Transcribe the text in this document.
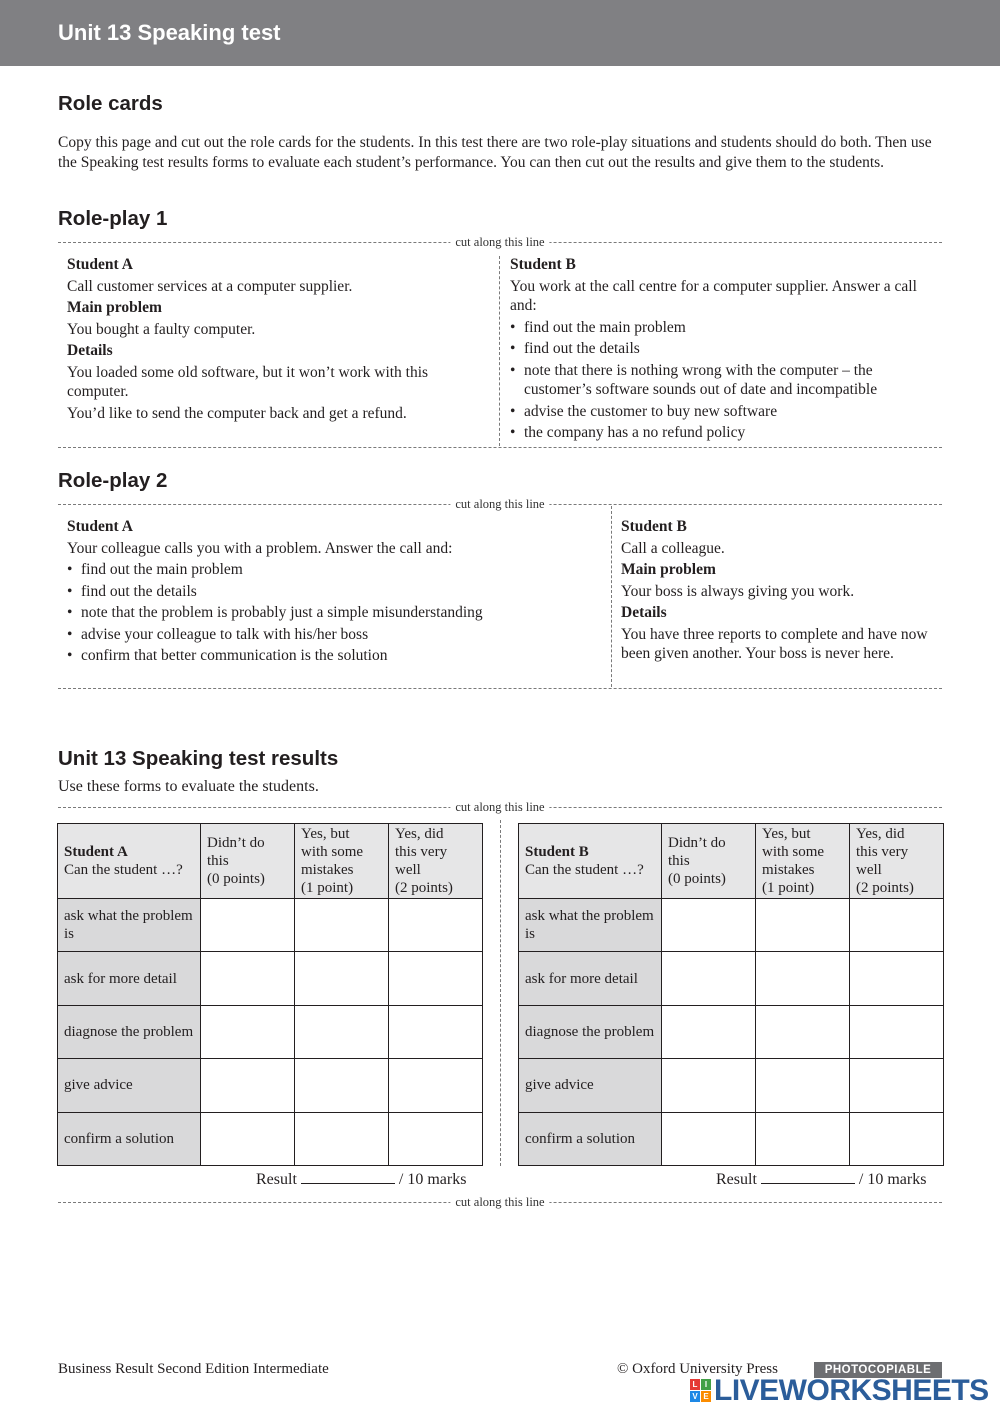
Unit 13 Speaking test
Role cards
Copy this page and cut out the role cards for the students. In this test there are two role-play situations and students should do both. Then use the Speaking test results forms to evaluate each student’s performance. You can then cut out the results and give them to the students.
Role-play 1
cut along this line

Student A

Call customer services at a computer supplier.

Main problem

You bought a faulty computer.

Details

You loaded some old software, but it won’t work with this computer.

You’d like to send the computer back and get a refund.

Student B

You work at the call centre for a computer supplier. Answer a call and:

• find out the main problem
• find out the details
• note that there is nothing wrong with the computer – the customer’s software sounds out of date and incompatible
• advise the customer to buy new software
• the company has a no refund policy
Role-play 2
cut along this line

Student A

Your colleague calls you with a problem. Answer the call and:

• find out the main problem
• find out the details
• note that the problem is probably just a simple misunderstanding
• advise your colleague to talk with his/her boss
• confirm that better communication is the solution

Student B

Call a colleague.

Main problem

Your boss is always giving you work.

Details

You have three reports to complete and have now been given another. Your boss is never here.

Unit 13 Speaking test results
Use these forms to evaluate the students.
cut along this line
Student A
Can the student …?	Didn’t do
this
(0 points)	Yes, but
with some
mistakes
(1 point)	Yes, did
this very
well
(2 points)
ask what the problem is			
ask for more detail			
diagnose the problem			
give advice			
confirm a solution			
Student B
Can the student …?	Didn’t do
this
(0 points)	Yes, but
with some
mistakes
(1 point)	Yes, did
this very
well
(2 points)
ask what the problem is			
ask for more detail			
diagnose the problem			
give advice			
confirm a solution			
Result	/ 10 marks	Result	/ 10 marks
cut along this line
Business Result Second Edition Intermediate	© Oxford University Press	PHOTOCOPIABLE
L I
V E LIVEWORKSHEETS
